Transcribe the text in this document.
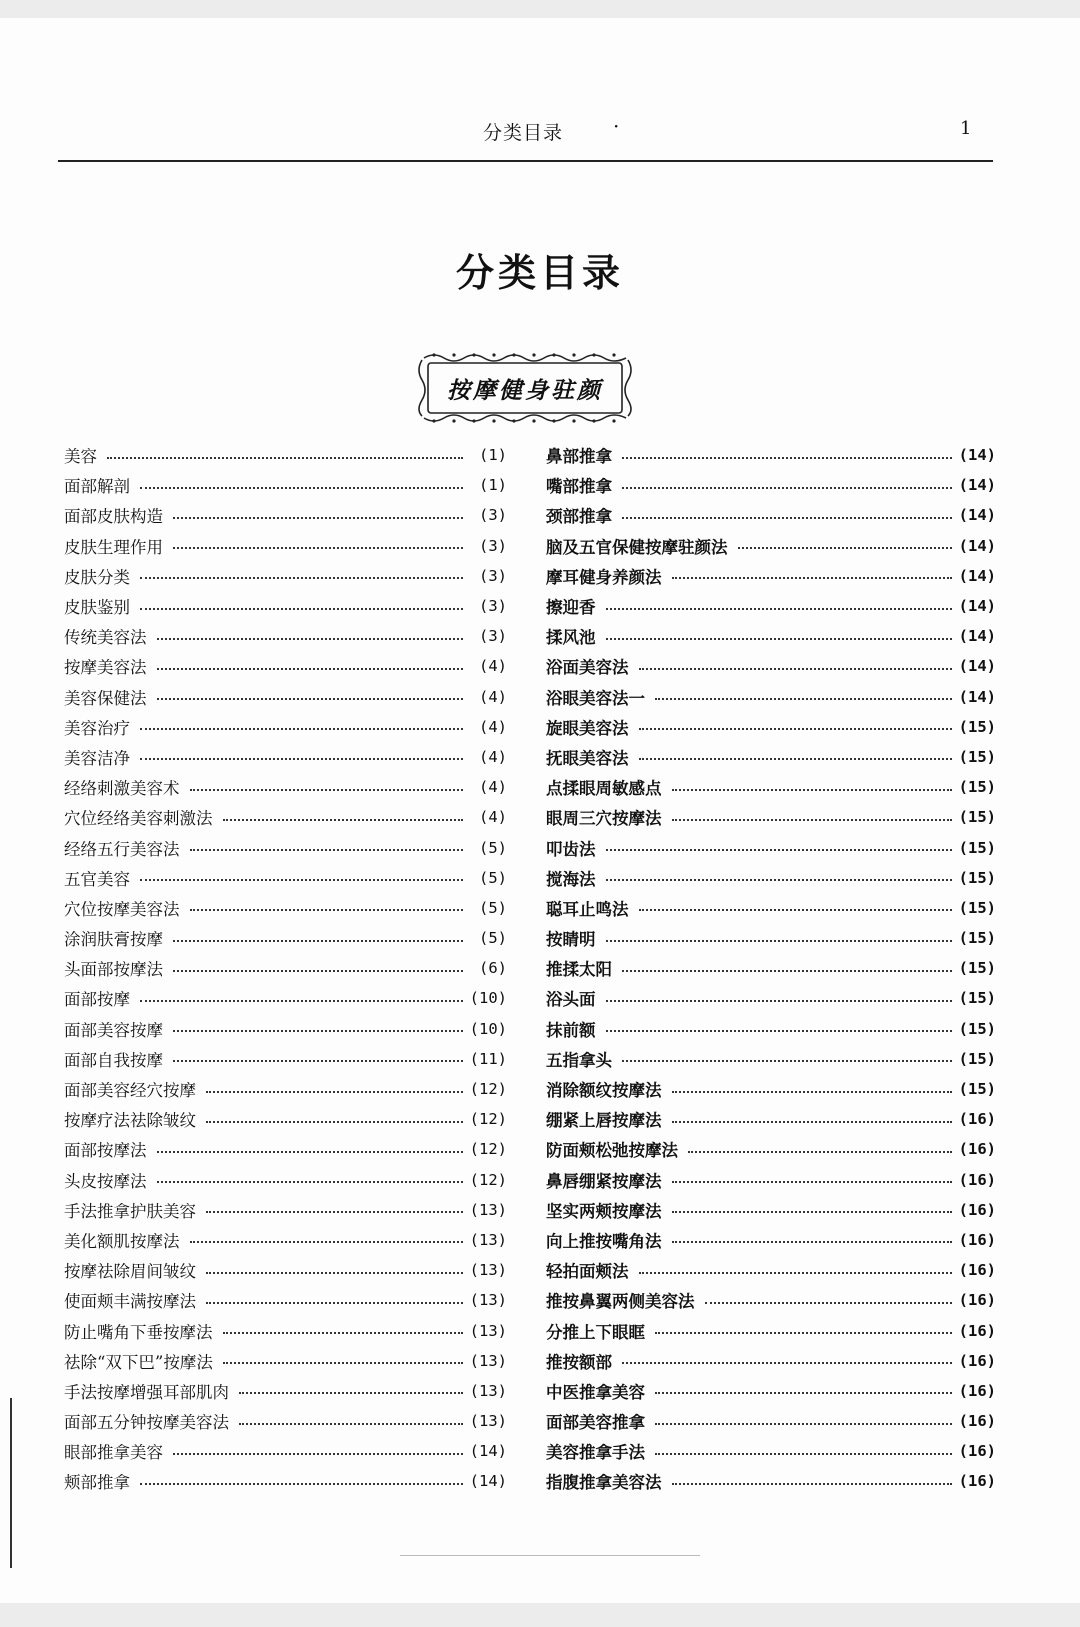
分类目录 ·	1
分类目录
按摩健身驻颜
美容	(1)
面部解剖	(1)
面部皮肤构造	(3)
皮肤生理作用	(3)
皮肤分类	(3)
皮肤鉴别	(3)
传统美容法	(3)
按摩美容法	(4)
美容保健法	(4)
美容治疗	(4)
美容洁净	(4)
经络刺激美容术	(4)
穴位经络美容刺激法	(4)
经络五行美容法	(5)
五官美容	(5)
穴位按摩美容法	(5)
涂润肤膏按摩	(5)
头面部按摩法	(6)
面部按摩	(10)
面部美容按摩	(10)
面部自我按摩	(11)
面部美容经穴按摩	(12)
按摩疗法祛除皱纹	(12)
面部按摩法	(12)
头皮按摩法	(12)
手法推拿护肤美容	(13)
美化额肌按摩法	(13)
按摩祛除眉间皱纹	(13)
使面颊丰满按摩法	(13)
防止嘴角下垂按摩法	(13)
祛除“双下巴”按摩法	(13)
手法按摩增强耳部肌肉	(13)
面部五分钟按摩美容法	(13)
眼部推拿美容	(14)
颊部推拿	(14)
鼻部推拿	(14)
嘴部推拿	(14)
颈部推拿	(14)
脑及五官保健按摩驻颜法	(14)
摩耳健身养颜法	(14)
擦迎香	(14)
揉风池	(14)
浴面美容法	(14)
浴眼美容法一	(14)
旋眼美容法	(15)
抚眼美容法	(15)
点揉眼周敏感点	(15)
眼周三穴按摩法	(15)
叩齿法	(15)
搅海法	(15)
聪耳止鸣法	(15)
按睛明	(15)
推揉太阳	(15)
浴头面	(15)
抹前额	(15)
五指拿头	(15)
消除额纹按摩法	(15)
绷紧上唇按摩法	(16)
防面颊松弛按摩法	(16)
鼻唇绷紧按摩法	(16)
坚实两颊按摩法	(16)
向上推按嘴角法	(16)
轻拍面颊法	(16)
推按鼻翼两侧美容法	(16)
分推上下眼眶	(16)
推按额部	(16)
中医推拿美容	(16)
面部美容推拿	(16)
美容推拿手法	(16)
指腹推拿美容法	(16)
